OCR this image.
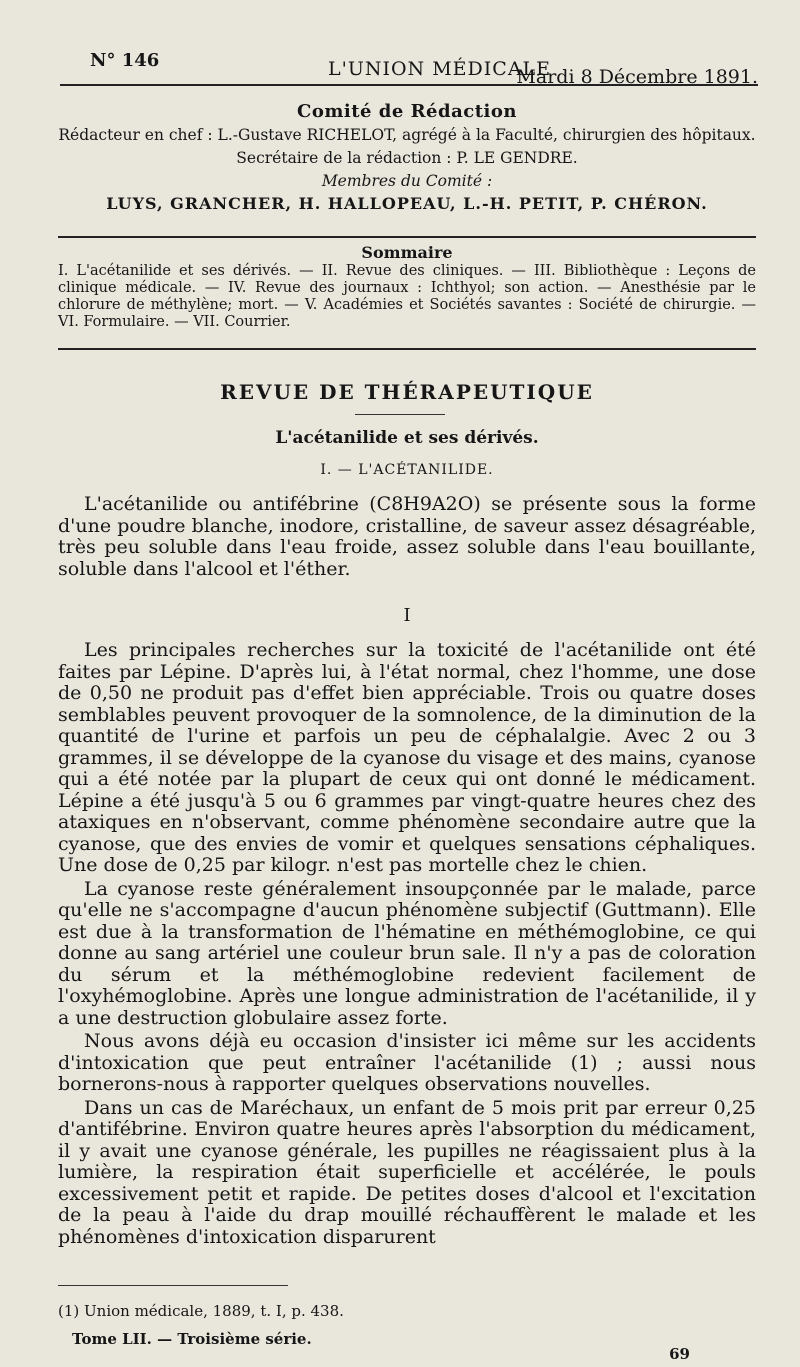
N° 146	L'UNION MÉDICALE
Mardi 8 Décembre 1891.
Comité de Rédaction
Rédacteur en chef : L.-Gustave RICHELOT, agrégé à la Faculté, chirurgien des hôpitaux.
Secrétaire de la rédaction : P. LE GENDRE.
Membres du Comité :
LUYS, GRANCHER, H. HALLOPEAU, L.-H. PETIT, P. CHÉRON.
Sommaire
I. L'acétanilide et ses dérivés. — II. Revue des cliniques. — III. Bibliothèque : Leçons de clinique médicale. — IV. Revue des journaux : Ichthyol; son action. — Anesthésie par le chlorure de méthylène; mort. — V. Académies et Sociétés savantes : Société de chirurgie. — VI. Formulaire. — VII. Courrier.
REVUE DE THÉRAPEUTIQUE
L'acétanilide et ses dérivés.
I. — L'ACÉTANILIDE.

L'acétanilide ou antifébrine (C8H9A2O) se présente sous la forme d'une poudre blanche, inodore, cristalline, de saveur assez désagréable, très peu soluble dans l'eau froide, assez soluble dans l'eau bouillante, soluble dans l'alcool et l'éther.

I

Les principales recherches sur la toxicité de l'acétanilide ont été faites par Lépine. D'après lui, à l'état normal, chez l'homme, une dose de 0,50 ne produit pas d'effet bien appréciable. Trois ou quatre doses semblables peuvent provoquer de la somnolence, de la diminution de la quantité de l'urine et parfois un peu de céphalalgie. Avec 2 ou 3 grammes, il se développe de la cyanose du visage et des mains, cyanose qui a été notée par la plupart de ceux qui ont donné le médicament. Lépine a été jusqu'à 5 ou 6 grammes par vingt-quatre heures chez des ataxiques en n'observant, comme phénomène secondaire autre que la cyanose, que des envies de vomir et quelques sensations céphaliques. Une dose de 0,25 par kilogr. n'est pas mortelle chez le chien.

La cyanose reste généralement insoupçonnée par le malade, parce qu'elle ne s'accompagne d'aucun phénomène subjectif (Guttmann). Elle est due à la transformation de l'hématine en méthémoglobine, ce qui donne au sang artériel une couleur brun sale. Il n'y a pas de coloration du sérum et la méthémoglobine redevient facilement de l'oxyhémoglobine. Après une longue administration de l'acétanilide, il y a une destruction globulaire assez forte.

Nous avons déjà eu occasion d'insister ici même sur les accidents d'intoxication que peut entraîner l'acétanilide (1) ; aussi nous bornerons-nous à rapporter quelques observations nouvelles.

Dans un cas de Maréchaux, un enfant de 5 mois prit par erreur 0,25 d'antifébrine. Environ quatre heures après l'absorption du médicament, il y avait une cyanose générale, les pupilles ne réagissaient plus à la lumière, la respiration était superficielle et accélérée, le pouls excessivement petit et rapide. De petites doses d'alcool et l'excitation de la peau à l'aide du drap mouillé réchauffèrent le malade et les phénomènes d'intoxication disparurent

(1) Union médicale, 1889, t. I, p. 438.
Tome LII. — Troisième série.
69
